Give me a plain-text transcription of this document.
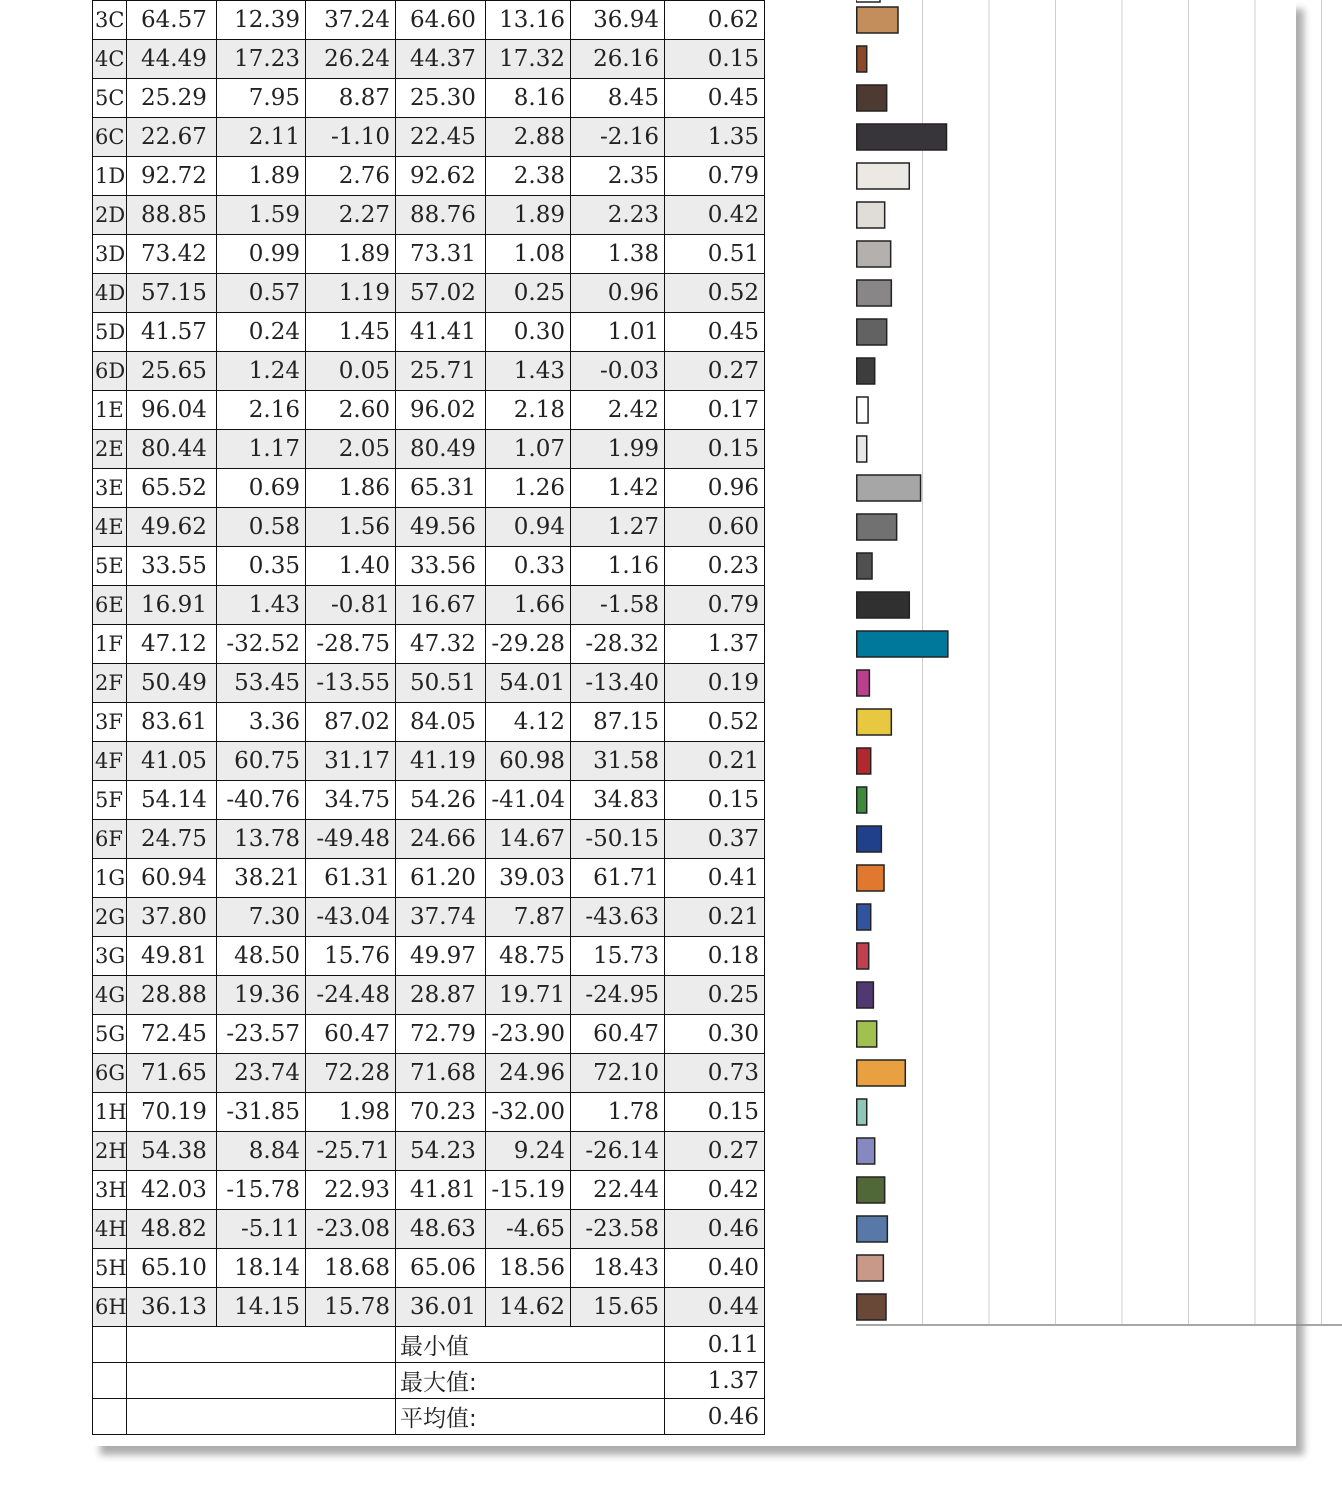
3C	64.57	12.39	37.24	64.60	13.16	36.94	0.62
4C	44.49	17.23	26.24	44.37	17.32	26.16	0.15
5C	25.29	7.95	8.87	25.30	8.16	8.45	0.45
6C	22.67	2.11	-1.10	22.45	2.88	-2.16	1.35
1D	92.72	1.89	2.76	92.62	2.38	2.35	0.79
2D	88.85	1.59	2.27	88.76	1.89	2.23	0.42
3D	73.42	0.99	1.89	73.31	1.08	1.38	0.51
4D	57.15	0.57	1.19	57.02	0.25	0.96	0.52
5D	41.57	0.24	1.45	41.41	0.30	1.01	0.45
6D	25.65	1.24	0.05	25.71	1.43	-0.03	0.27
1E	96.04	2.16	2.60	96.02	2.18	2.42	0.17
2E	80.44	1.17	2.05	80.49	1.07	1.99	0.15
3E	65.52	0.69	1.86	65.31	1.26	1.42	0.96
4E	49.62	0.58	1.56	49.56	0.94	1.27	0.60
5E	33.55	0.35	1.40	33.56	0.33	1.16	0.23
6E	16.91	1.43	-0.81	16.67	1.66	-1.58	0.79
1F	47.12	-32.52	-28.75	47.32	-29.28	-28.32	1.37
2F	50.49	53.45	-13.55	50.51	54.01	-13.40	0.19
3F	83.61	3.36	87.02	84.05	4.12	87.15	0.52
4F	41.05	60.75	31.17	41.19	60.98	31.58	0.21
5F	54.14	-40.76	34.75	54.26	-41.04	34.83	0.15
6F	24.75	13.78	-49.48	24.66	14.67	-50.15	0.37
1G	60.94	38.21	61.31	61.20	39.03	61.71	0.41
2G	37.80	7.30	-43.04	37.74	7.87	-43.63	0.21
3G	49.81	48.50	15.76	49.97	48.75	15.73	0.18
4G	28.88	19.36	-24.48	28.87	19.71	-24.95	0.25
5G	72.45	-23.57	60.47	72.79	-23.90	60.47	0.30
6G	71.65	23.74	72.28	71.68	24.96	72.10	0.73
1H	70.19	-31.85	1.98	70.23	-32.00	1.78	0.15
2H	54.38	8.84	-25.71	54.23	9.24	-26.14	0.27
3H	42.03	-15.78	22.93	41.81	-15.19	22.44	0.42
4H	48.82	-5.11	-23.08	48.63	-4.65	-23.58	0.46
5H	65.10	18.14	18.68	65.06	18.56	18.43	0.40
6H	36.13	14.15	15.78	36.01	14.62	15.65	0.44
				最小值			0.11
				最大值:			1.37
				平均值:			0.46
